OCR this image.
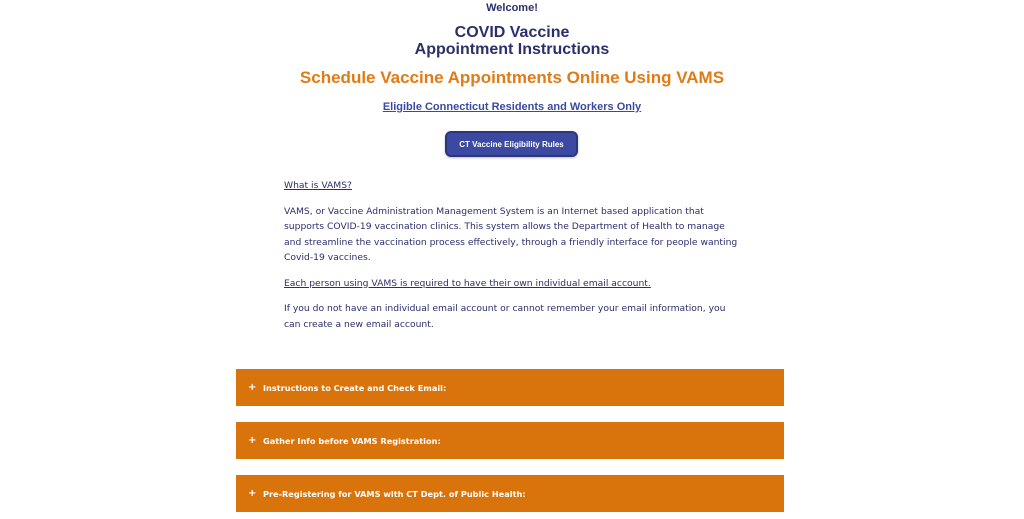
Welcome!
COVID Vaccine
Appointment Instructions
Schedule Vaccine Appointments Online Using VAMS
Eligible Connecticut Residents and Workers Only
CT Vaccine Eligibility Rules

What is VAMS?

VAMS, or Vaccine Administration Management System is an Internet based application that supports COVID-19 vaccination clinics. This system allows the Department of Health to manage and streamline the vaccination process effectively, through a friendly interface for people wanting Covid-19 vaccines.

Each person using VAMS is required to have their own individual email account.

If you do not have an individual email account or cannot remember your email information, you can create a new email account.

+ Instructions to Create and Check Email:
+ Gather Info before VAMS Registration:
+ Pre-Registering for VAMS with CT Dept. of Public Health:
